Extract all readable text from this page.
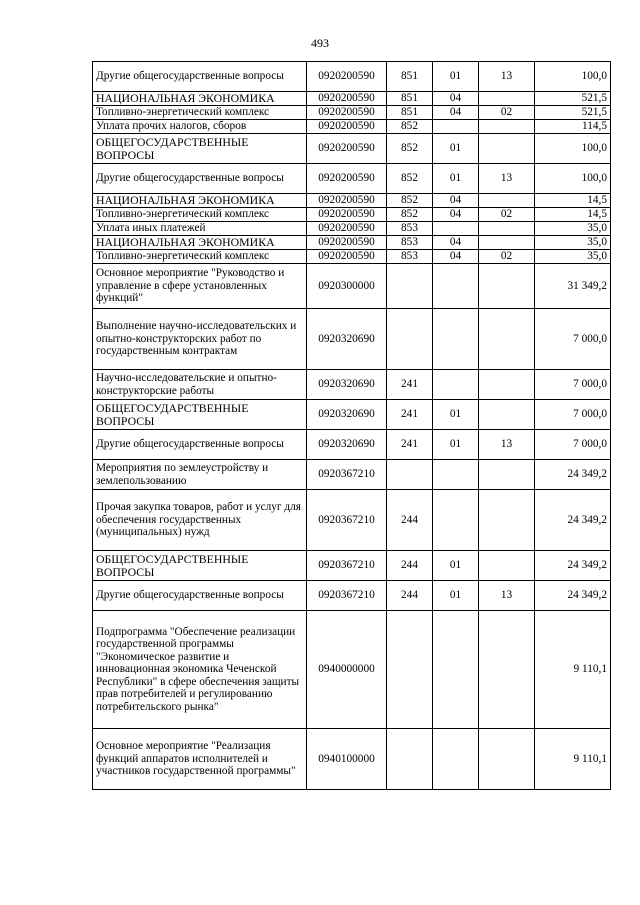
493
Другие общегосударственные вопросы	0920200590	851	01	13	100,0
НАЦИОНАЛЬНАЯ ЭКОНОМИКА	0920200590	851	04		521,5
Топливно-энергетический комплекс	0920200590	851	04	02	521,5
Уплата прочих налогов, сборов	0920200590	852			114,5
ОБЩЕГОСУДАРСТВЕННЫЕ ВОПРОСЫ	0920200590	852	01		100,0
Другие общегосударственные вопросы	0920200590	852	01	13	100,0
НАЦИОНАЛЬНАЯ ЭКОНОМИКА	0920200590	852	04		14,5
Топливно-энергетический комплекс	0920200590	852	04	02	14,5
Уплата иных платежей	0920200590	853			35,0
НАЦИОНАЛЬНАЯ ЭКОНОМИКА	0920200590	853	04		35,0
Топливно-энергетический комплекс	0920200590	853	04	02	35,0
Основное мероприятие "Руководство и управление в сфере установленных функций"	0920300000				31 349,2
Выполнение научно-исследовательских и опытно-конструкторских работ по государственным контрактам	0920320690				7 000,0
Научно-исследовательские и опытно-конструкторские работы	0920320690	241			7 000,0
ОБЩЕГОСУДАРСТВЕННЫЕ ВОПРОСЫ	0920320690	241	01		7 000,0
Другие общегосударственные вопросы	0920320690	241	01	13	7 000,0
Мероприятия по землеустройству и землепользованию	0920367210				24 349,2
Прочая закупка товаров, работ и услуг для обеспечения государственных (муниципальных) нужд	0920367210	244			24 349,2
ОБЩЕГОСУДАРСТВЕННЫЕ ВОПРОСЫ	0920367210	244	01		24 349,2
Другие общегосударственные вопросы	0920367210	244	01	13	24 349,2
Подпрограмма "Обеспечение реализации государственной программы "Экономическое развитие и инновационная экономика Чеченской Республики" в сфере обеспечения защиты прав потребителей и регулированию потребительского рынка"	0940000000				9 110,1
Основное мероприятие "Реализация функций аппаратов исполнителей и участников государственной программы"	0940100000				9 110,1
